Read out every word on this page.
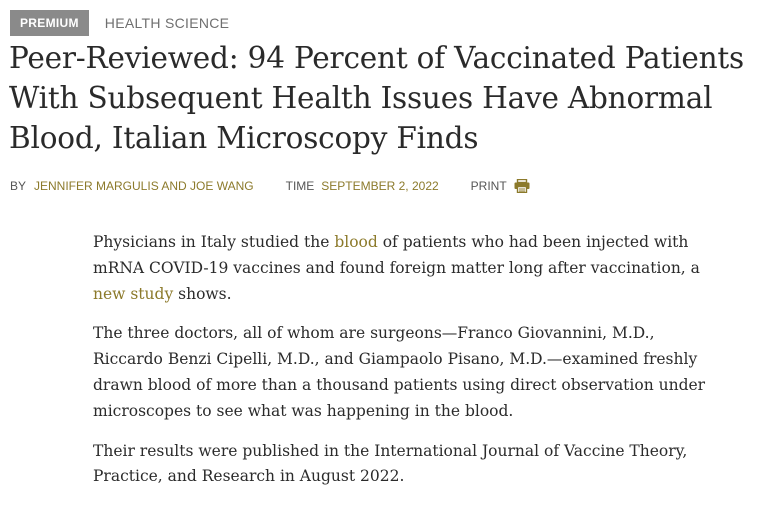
PREMIUM	HEALTH SCIENCE
Peer-Reviewed: 94 Percent of Vaccinated Patients With Subsequent Health Issues Have Abnormal Blood, Italian Microscopy Finds
BY JENNIFER MARGULIS AND JOE WANG	TIME SEPTEMBER 2, 2022	PRINT

Physicians in Italy studied the blood of patients who had been injected with mRNA COVID-19 vaccines and found foreign matter long after vaccination, a new study shows.

The three doctors, all of whom are surgeons—Franco Giovannini, M.D., Riccardo Benzi Cipelli, M.D., and Giampaolo Pisano, M.D.—examined freshly drawn blood of more than a thousand patients using direct observation under microscopes to see what was happening in the blood.

Their results were published in the International Journal of Vaccine Theory, Practice, and Research in August 2022.
